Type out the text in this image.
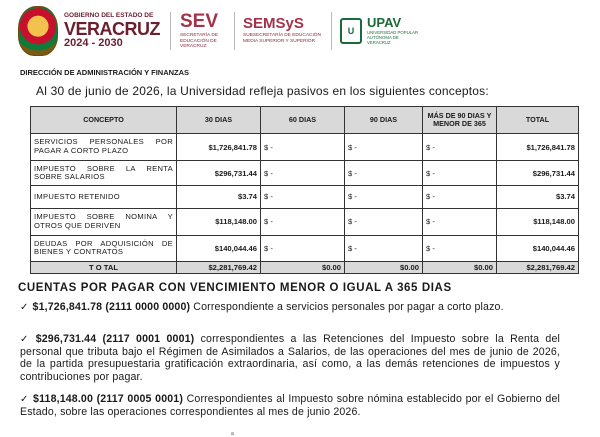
GOBIERNO DEL ESTADO DE
VERACRUZ
2024 - 2030
SEV
SECRETARÍA DE EDUCACIÓN DE VERACRUZ
SEMSyS
SUBSECRETARÍA DE EDUCACIÓN MEDIA SUPERIOR Y SUPERIOR
U
UPAV
UNIVERSIDAD POPULAR AUTÓNOMA DE VERACRUZ
DIRECCIÓN DE ADMINISTRACIÓN Y FINANZAS
Al 30 de junio de 2026, la Universidad refleja pasivos en los siguientes conceptos:
CONCEPTO	30 DIAS	60 DIAS	90 DIAS	MÁS DE 90 DIAS Y MENOR DE 365	TOTAL
SERVICIOS PERSONALES POR PAGAR A CORTO PLAZO	$1,726,841.78	$ -	$ -	$ -	$1,726,841.78
IMPUESTO SOBRE LA RENTA SOBRE SALARIOS	$296,731.44	$ -	$ -	$ -	$296,731.44
IMPUESTO RETENIDO	$3.74	$ -	$ -	$ -	$3.74
IMPUESTO SOBRE NOMINA Y OTROS QUE DERIVEN	$118,148.00	$ -	$ -	$ -	$118,148.00
DEUDAS POR ADQUISICIÓN DE BIENES Y CONTRATOS	$140,044.46	$ -	$ -	$ -	$140,044.46
T O TAL	$2,281,769.42	$0.00	$0.00	$0.00	$2,281,769.42
CUENTAS POR PAGAR CON VENCIMIENTO MENOR O IGUAL A 365 DIAS
✓ $1,726,841.78 (2111 0000 0000) Correspondiente a servicios personales por pagar a corto plazo.
✓ $296,731.44 (2117 0001 0001) correspondientes a las Retenciones del Impuesto sobre la Renta del personal que tributa bajo el Régimen de Asimilados a Salarios, de las operaciones del mes de junio de 2026, de la partida presupuestaria gratificación extraordinaria, así como, a las demás retenciones de impuestos y contribuciones por pagar.
✓ $118,148.00 (2117 0005 0001) Correspondientes al Impuesto sobre nómina establecido por el Gobierno del Estado, sobre las operaciones correspondientes al mes de junio 2026.
a
